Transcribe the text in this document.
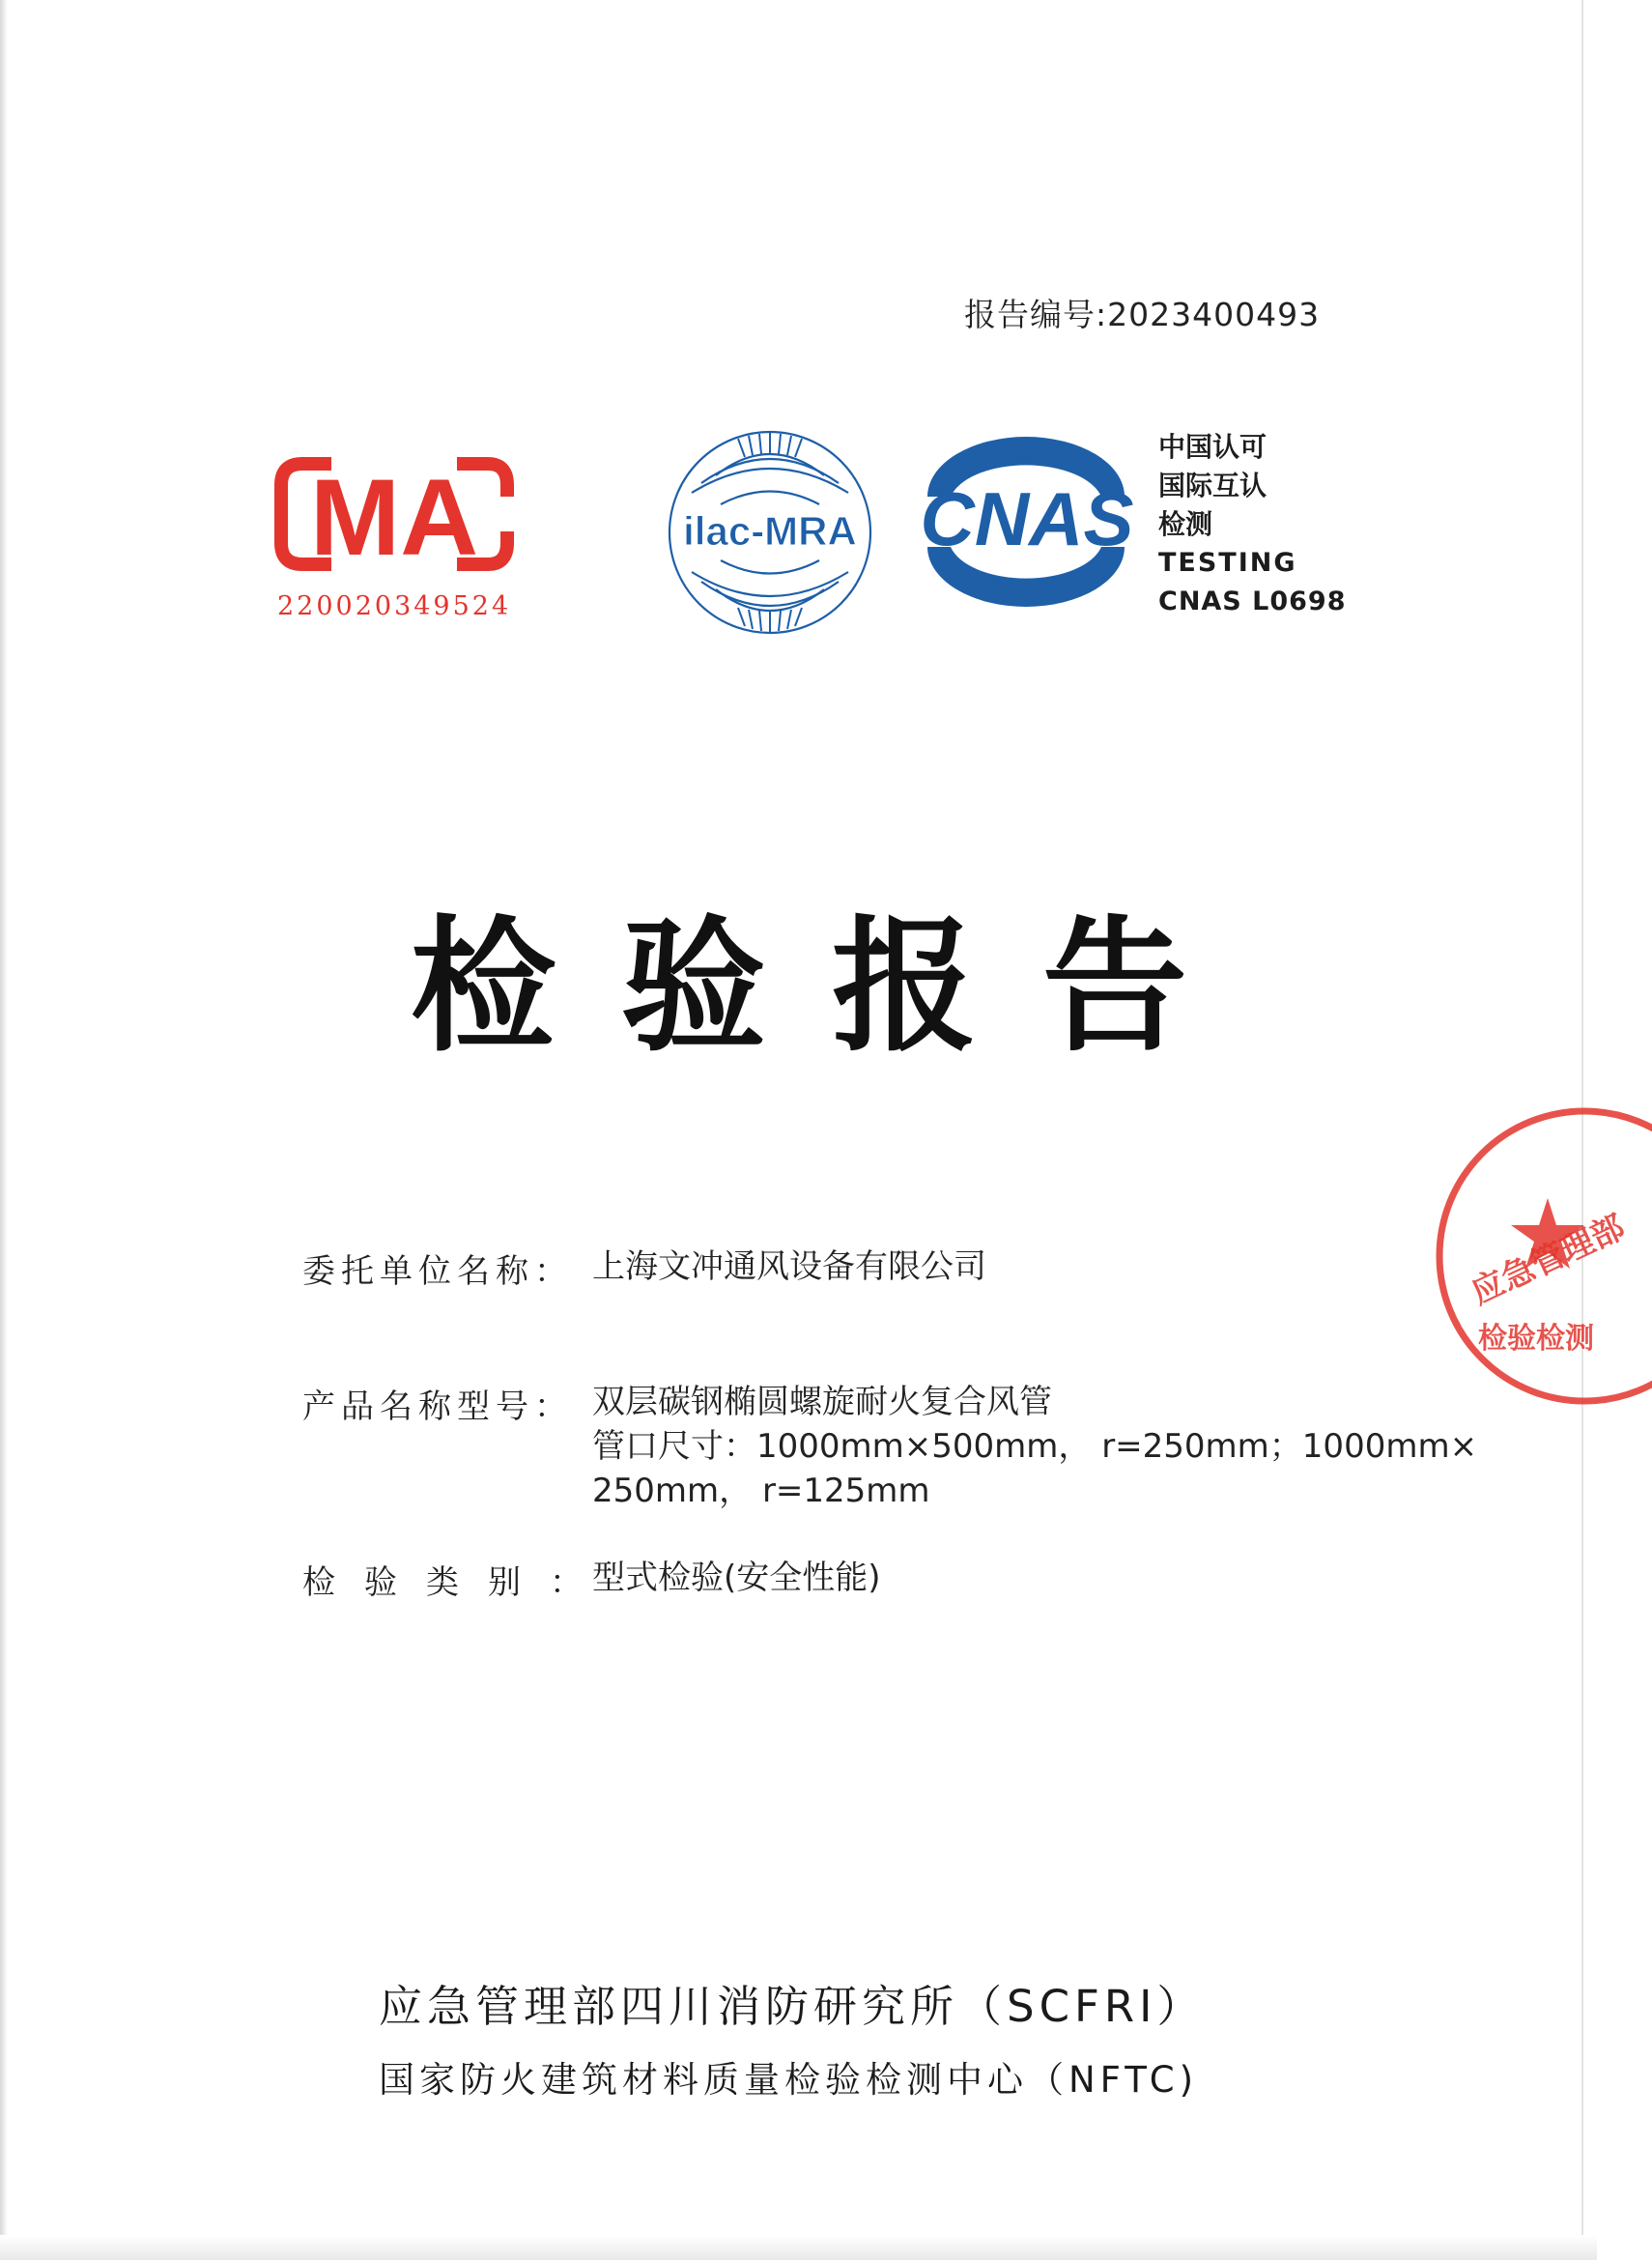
报告编号:2023400493
MA
220020349524
ilac-MRA CNAS
中国认可
国际互认
检测
TESTING
CNAS L0698
检验报告
委托单位名称： 上海文冲通风设备有限公司
产品名称型号： 双层碳钢椭圆螺旋耐火复合风管
管口尺寸：1000mm×500mm， r=250mm；1000mm×
250mm， r=125mm
检验类别：
型式检验(安全性能)
应急管理部
检验检测
应急管理部四川消防研究所（SCFRI）
国家防火建筑材料质量检验检测中心（NFTC)
